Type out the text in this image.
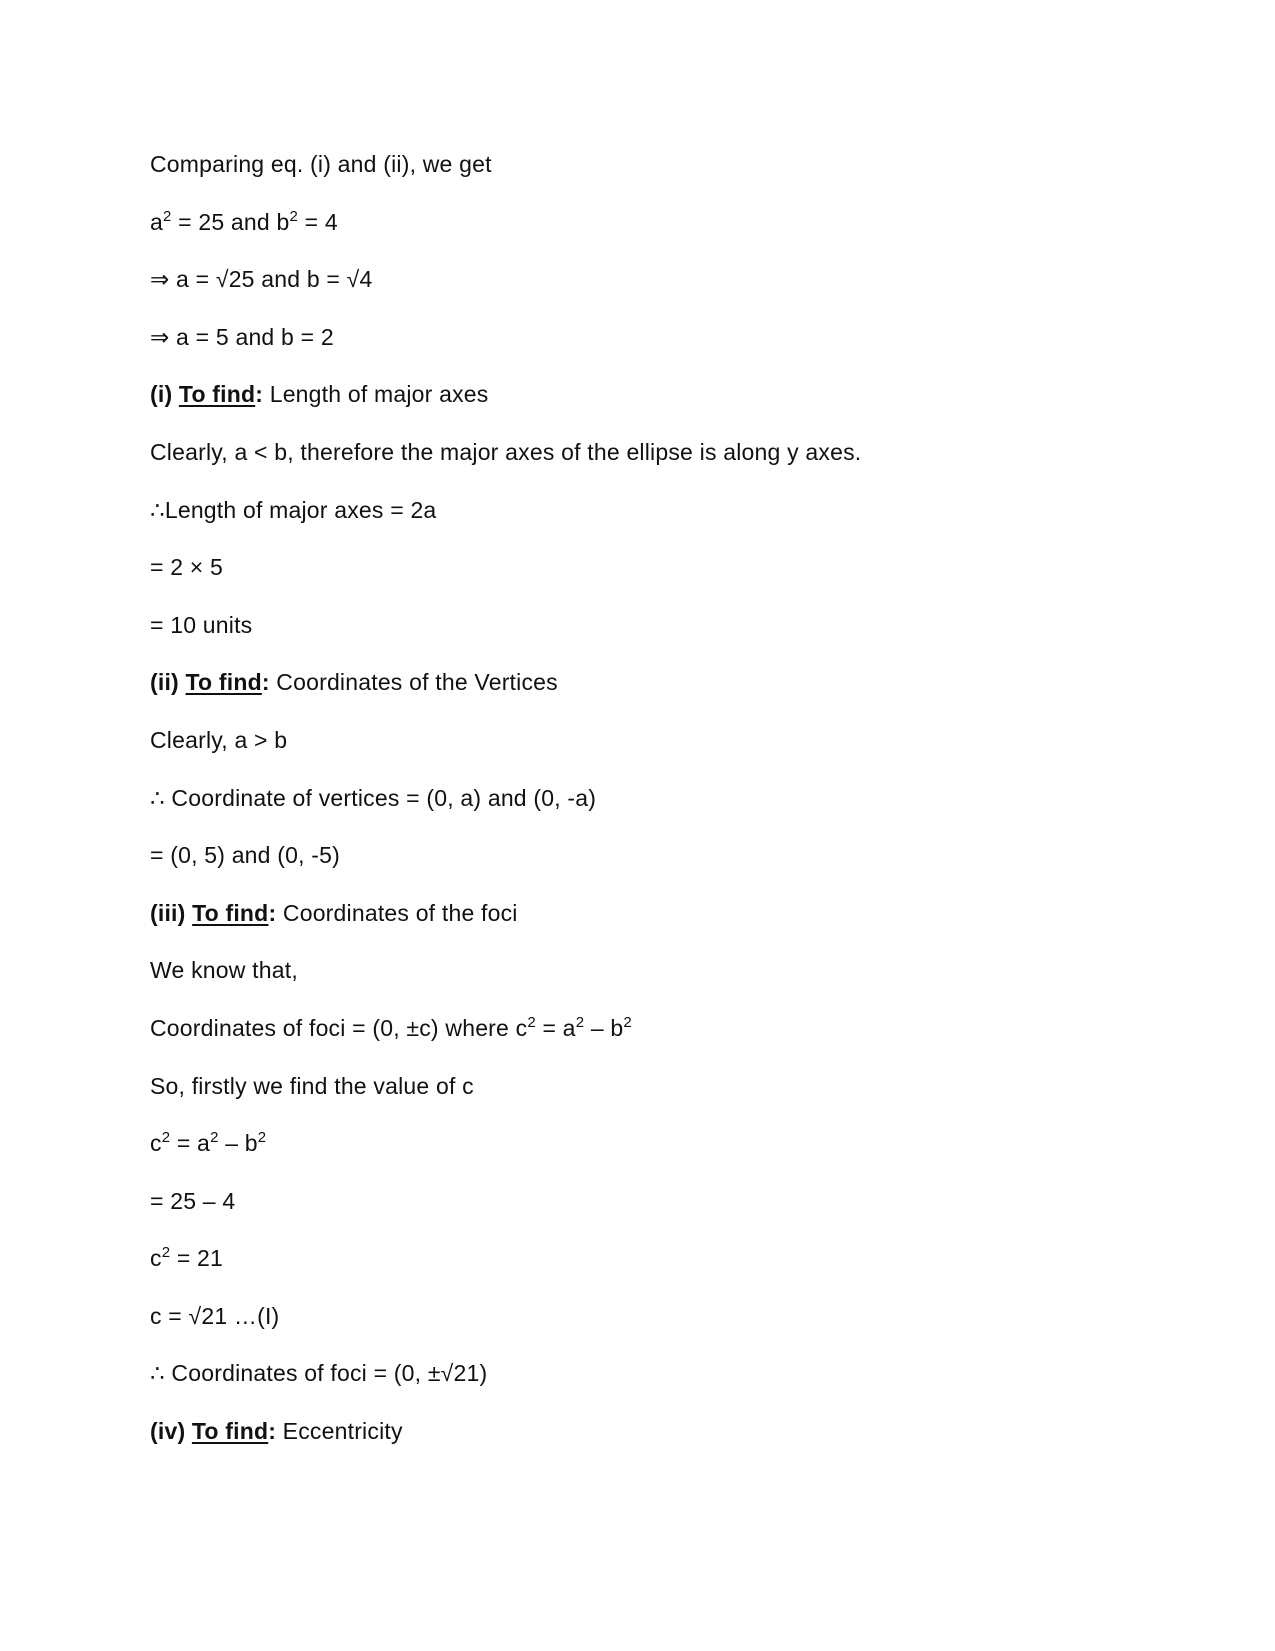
Comparing eq. (i) and (ii), we get
$a^2 = 25$ and $b^2 = 4$
⇒ a = √25 and b = √4
⇒ a = 5 and b = 2
(i) To find: Length of major axes
Clearly, a < b, therefore the major axes of the ellipse is along y axes.
∴Length of major axes = 2a
= 2 × 5
= 10 units
(ii) To find: Coordinates of the Vertices
Clearly, a > b
∴ Coordinate of vertices = (0, a) and (0, -a)
= (0, 5) and (0, -5)
(iii) To find: Coordinates of the foci
We know that,
Coordinates of foci = (0, ±c) where $c^2 = a^2 - b^2$
So, firstly we find the value of c
$c^2 = a^2 - b^2$
= 25 – 4
$c^2 = 21$
c = √21 …(I)
∴ Coordinates of foci = (0, ±√21)
(iv) To find: Eccentricity
